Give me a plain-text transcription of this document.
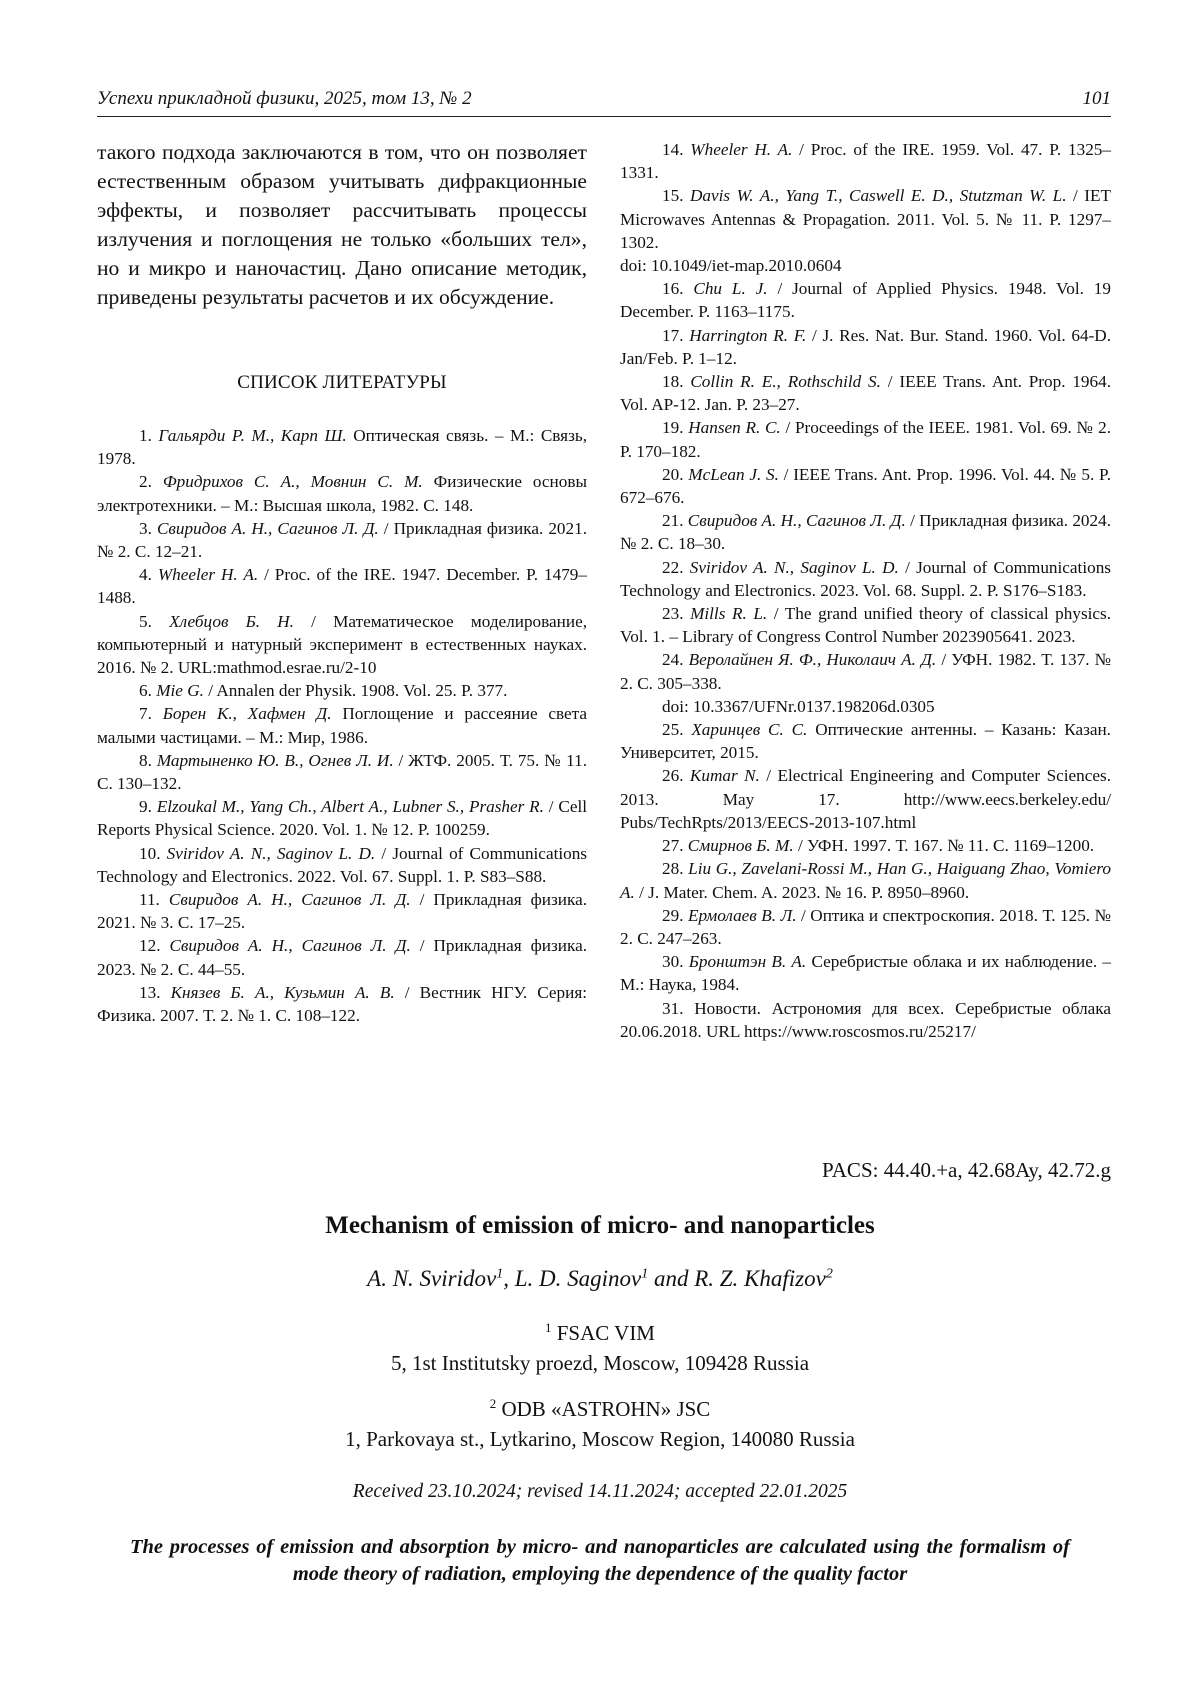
Успехи прикладной физики, 2025, том 13, № 2	101

такого подхода заключаются в том, что он позволяет естественным образом учитывать дифракционные эффекты, и позволяет рассчитывать процессы излучения и поглощения не только «больших тел», но и микро и наночастиц. Дано описание методик, приведены результаты расчетов и их обсуждение.

СПИСОК ЛИТЕРАТУРЫ

1. Гальярди Р. М., Карп Ш. Оптическая связь. – М.: Связь, 1978.

2. Фридрихов С. А., Мовнин С. М. Физические основы электротехники. – М.: Высшая школа, 1982. С. 148.

3. Свиридов А. Н., Сагинов Л. Д. / Прикладная физика. 2021. № 2. С. 12–21.

4. Wheeler H. A. / Proc. of the IRE. 1947. December. P. 1479–1488.

5. Хлебцов Б. Н. / Математическое моделирование, компьютерный и натурный эксперимент в естественных науках. 2016. № 2. URL:mathmod.esrae.ru/2-10

6. Mie G. / Annalen der Physik. 1908. Vol. 25. P. 377.

7. Борен К., Хафмен Д. Поглощение и рассеяние света малыми частицами. – М.: Мир, 1986.

8. Мартыненко Ю. В., Огнев Л. И. / ЖТФ. 2005. Т. 75. № 11. С. 130–132.

9. Elzoukal M., Yang Ch., Albert A., Lubner S., Prasher R. / Cell Reports Physical Science. 2020. Vol. 1. № 12. P. 100259.

10. Sviridov A. N., Saginov L. D. / Journal of Communications Technology and Electronics. 2022. Vol. 67. Suppl. 1. P. S83–S88.

11. Свиридов А. Н., Сагинов Л. Д. / Прикладная физика. 2021. № 3. С. 17–25.

12. Свиридов А. Н., Сагинов Л. Д. / Прикладная физика. 2023. № 2. С. 44–55.

13. Князев Б. А., Кузьмин А. В. / Вестник НГУ. Серия: Физика. 2007. Т. 2. № 1. С. 108–122.

14. Wheeler H. A. / Proc. of the IRE. 1959. Vol. 47. P. 1325–1331.

15. Davis W. A., Yang T., Caswell E. D., Stutzman W. L. / IET Microwaves Antennas & Propagation. 2011. Vol. 5. № 11. P. 1297–1302.

doi: 10.1049/iet-map.2010.0604

16. Chu L. J. / Journal of Applied Physics. 1948. Vol. 19 December. P. 1163–1175.

17. Harrington R. F. / J. Res. Nat. Bur. Stand. 1960. Vol. 64-D. Jan/Feb. P. 1–12.

18. Collin R. E., Rothschild S. / IEEE Trans. Ant. Prop. 1964. Vol. AP-12. Jan. P. 23–27.

19. Hansen R. C. / Proceedings of the IEEE. 1981. Vol. 69. № 2. P. 170–182.

20. McLean J. S. / IEEE Trans. Ant. Prop. 1996. Vol. 44. № 5. P. 672–676.

21. Свиридов А. Н., Сагинов Л. Д. / Прикладная физика. 2024. № 2. С. 18–30.

22. Sviridov A. N., Saginov L. D. / Journal of Communications Technology and Electronics. 2023. Vol. 68. Suppl. 2. P. S176–S183.

23. Mills R. L. / The grand unified theory of classical physics. Vol. 1. – Library of Congress Control Number 2023905641. 2023.

24. Веролайнен Я. Ф., Николаич А. Д. / УФН. 1982. Т. 137. № 2. С. 305–338.

doi: 10.3367/UFNr.0137.198206d.0305

25. Харинцев С. С. Оптические антенны. – Казань: Казан. Университет, 2015.

26. Kumar N. / Electrical Engineering and Computer Sciences. 2013. May 17. http://www.eecs.berkeley.edu/ Pubs/TechRpts/2013/EECS-2013-107.html

27. Смирнов Б. М. / УФН. 1997. Т. 167. № 11. С. 1169–1200.

28. Liu G., Zavelani-Rossi M., Han G., Haiguang Zhao, Vomiero A. / J. Mater. Chem. A. 2023. № 16. P. 8950–8960.

29. Ермолаев В. Л. / Оптика и спектроскопия. 2018. Т. 125. № 2. С. 247–263.

30. Бронштэн В. А. Серебристые облака и их наблюдение. – М.: Наука, 1984.

31. Новости. Астрономия для всех. Серебристые облака 20.06.2018. URL https://www.roscosmos.ru/25217/

PACS: 44.40.+a, 42.68Ay, 42.72.g
Mechanism of emission of micro- and nanoparticles
A. N. Sviridov$^1$, L. D. Saginov$^1$ and R. Z. Khafizov$^2$
$^1$ FSAC VIM
5, 1st Institutsky proezd, Moscow, 109428 Russia
$^2$ ODB «ASTROHN» JSC
1, Parkovaya st., Lytkarino, Moscow Region, 140080 Russia
Received 23.10.2024; revised 14.11.2024; accepted 22.01.2025
The processes of emission and absorption by micro- and nanoparticles are calculated using the formalism of mode theory of radiation, employing the dependence of the quality factor
